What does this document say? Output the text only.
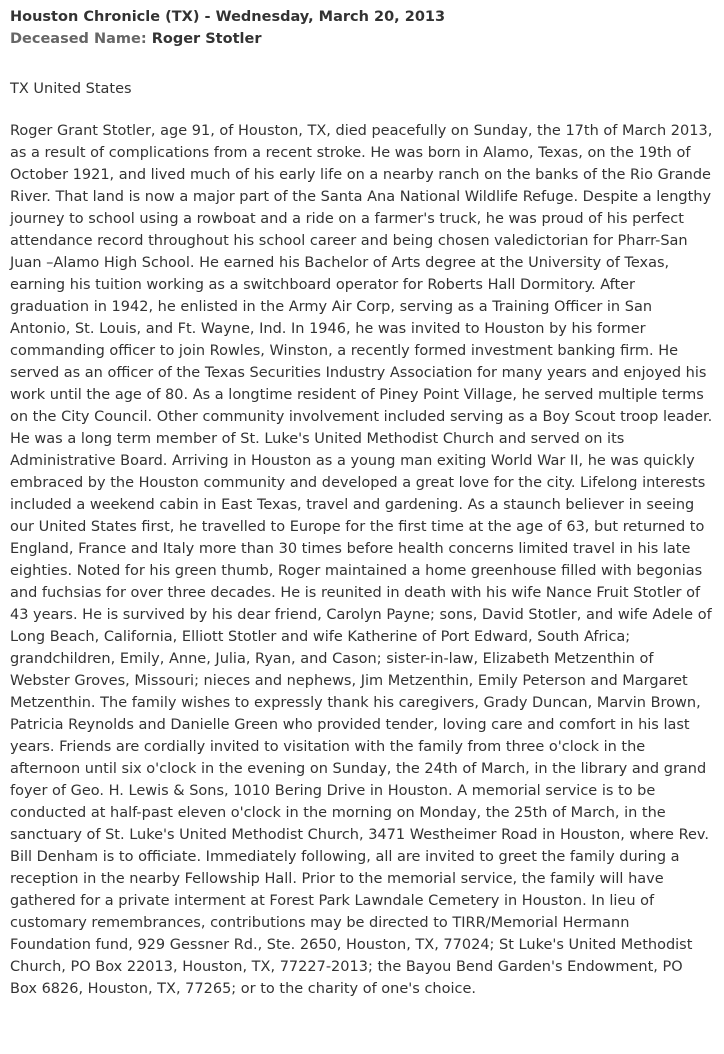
Houston Chronicle (TX) - Wednesday, March 20, 2013

Deceased Name: Roger Stotler

TX United States

Roger Grant Stotler, age 91, of Houston, TX, died peacefully on Sunday, the 17th of March 2013, as a result of complications from a recent stroke. He was born in Alamo, Texas, on the 19th of October 1921, and lived much of his early life on a nearby ranch on the banks of the Rio Grande River. That land is now a major part of the Santa Ana National Wildlife Refuge. Despite a lengthy journey to school using a rowboat and a ride on a farmer's truck, he was proud of his perfect attendance record throughout his school career and being chosen valedictorian for Pharr-San Juan –Alamo High School. He earned his Bachelor of Arts degree at the University of Texas, earning his tuition working as a switchboard operator for Roberts Hall Dormitory. After graduation in 1942, he enlisted in the Army Air Corp, serving as a Training Officer in San Antonio, St. Louis, and Ft. Wayne, Ind. In 1946, he was invited to Houston by his former commanding officer to join Rowles, Winston, a recently formed investment banking firm. He served as an officer of the Texas Securities Industry Association for many years and enjoyed his work until the age of 80. As a longtime resident of Piney Point Village, he served multiple terms on the City Council. Other community involvement included serving as a Boy Scout troop leader. He was a long term member of St. Luke's United Methodist Church and served on its Administrative Board. Arriving in Houston as a young man exiting World War II, he was quickly embraced by the Houston community and developed a great love for the city. Lifelong interests included a weekend cabin in East Texas, travel and gardening. As a staunch believer in seeing our United States first, he travelled to Europe for the first time at the age of 63, but returned to England, France and Italy more than 30 times before health concerns limited travel in his late eighties. Noted for his green thumb, Roger maintained a home greenhouse filled with begonias and fuchsias for over three decades. He is reunited in death with his wife Nance Fruit Stotler of 43 years. He is survived by his dear friend, Carolyn Payne; sons, David Stotler, and wife Adele of Long Beach, California, Elliott Stotler and wife Katherine of Port Edward, South Africa; grandchildren, Emily, Anne, Julia, Ryan, and Cason; sister-in-law, Elizabeth Metzenthin of Webster Groves, Missouri; nieces and nephews, Jim Metzenthin, Emily Peterson and Margaret Metzenthin. The family wishes to expressly thank his caregivers, Grady Duncan, Marvin Brown, Patricia Reynolds and Danielle Green who provided tender, loving care and comfort in his last years. Friends are cordially invited to visitation with the family from three o'clock in the afternoon until six o'clock in the evening on Sunday, the 24th of March, in the library and grand foyer of Geo. H. Lewis & Sons, 1010 Bering Drive in Houston. A memorial service is to be conducted at half-past eleven o'clock in the morning on Monday, the 25th of March, in the sanctuary of St. Luke's United Methodist Church, 3471 Westheimer Road in Houston, where Rev. Bill Denham is to officiate. Immediately following, all are invited to greet the family during a reception in the nearby Fellowship Hall. Prior to the memorial service, the family will have gathered for a private interment at Forest Park Lawndale Cemetery in Houston. In lieu of customary remembrances, contributions may be directed to TIRR/Memorial Hermann Foundation fund, 929 Gessner Rd., Ste. 2650, Houston, TX, 77024; St Luke's United Methodist Church, PO Box 22013, Houston, TX, 77227-2013; the Bayou Bend Garden's Endowment, PO Box 6826, Houston, TX, 77265; or to the charity of one's choice.
